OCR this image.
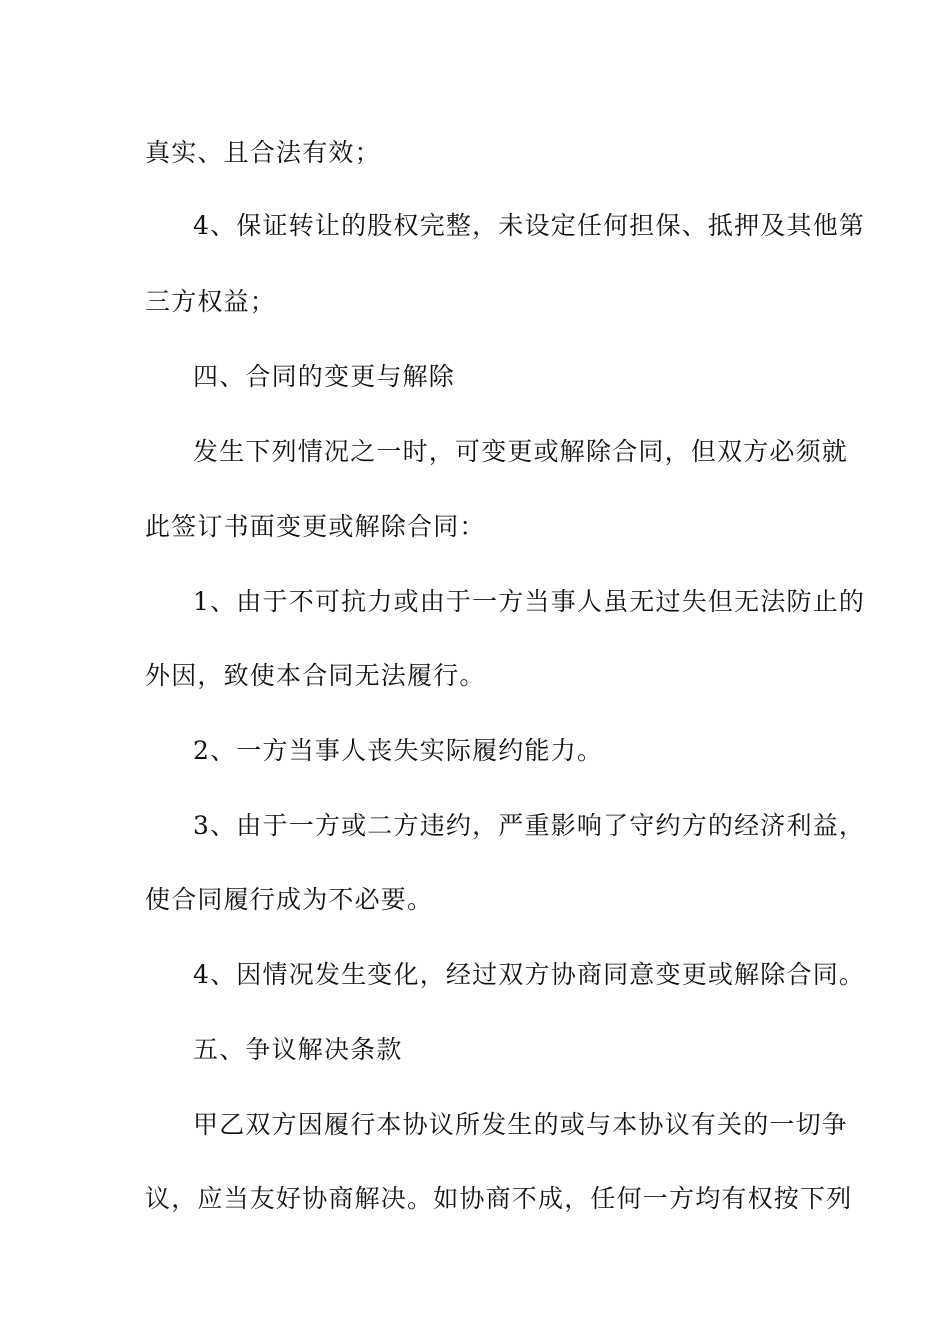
真实、且合法有效；
4、保证转让的股权完整，未设定任何担保、抵押及其他第
三方权益；
四、合同的变更与解除
发生下列情况之一时，可变更或解除合同，但双方必须就
此签订书面变更或解除合同：
1、由于不可抗力或由于一方当事人虽无过失但无法防止的
外因，致使本合同无法履行。
2、一方当事人丧失实际履约能力。
3、由于一方或二方违约，严重影响了守约方的经济利益，
使合同履行成为不必要。
4、因情况发生变化，经过双方协商同意变更或解除合同。
五、争议解决条款
甲乙双方因履行本协议所发生的或与本协议有关的一切争
议，应当友好协商解决。如协商不成，任何一方均有权按下列
